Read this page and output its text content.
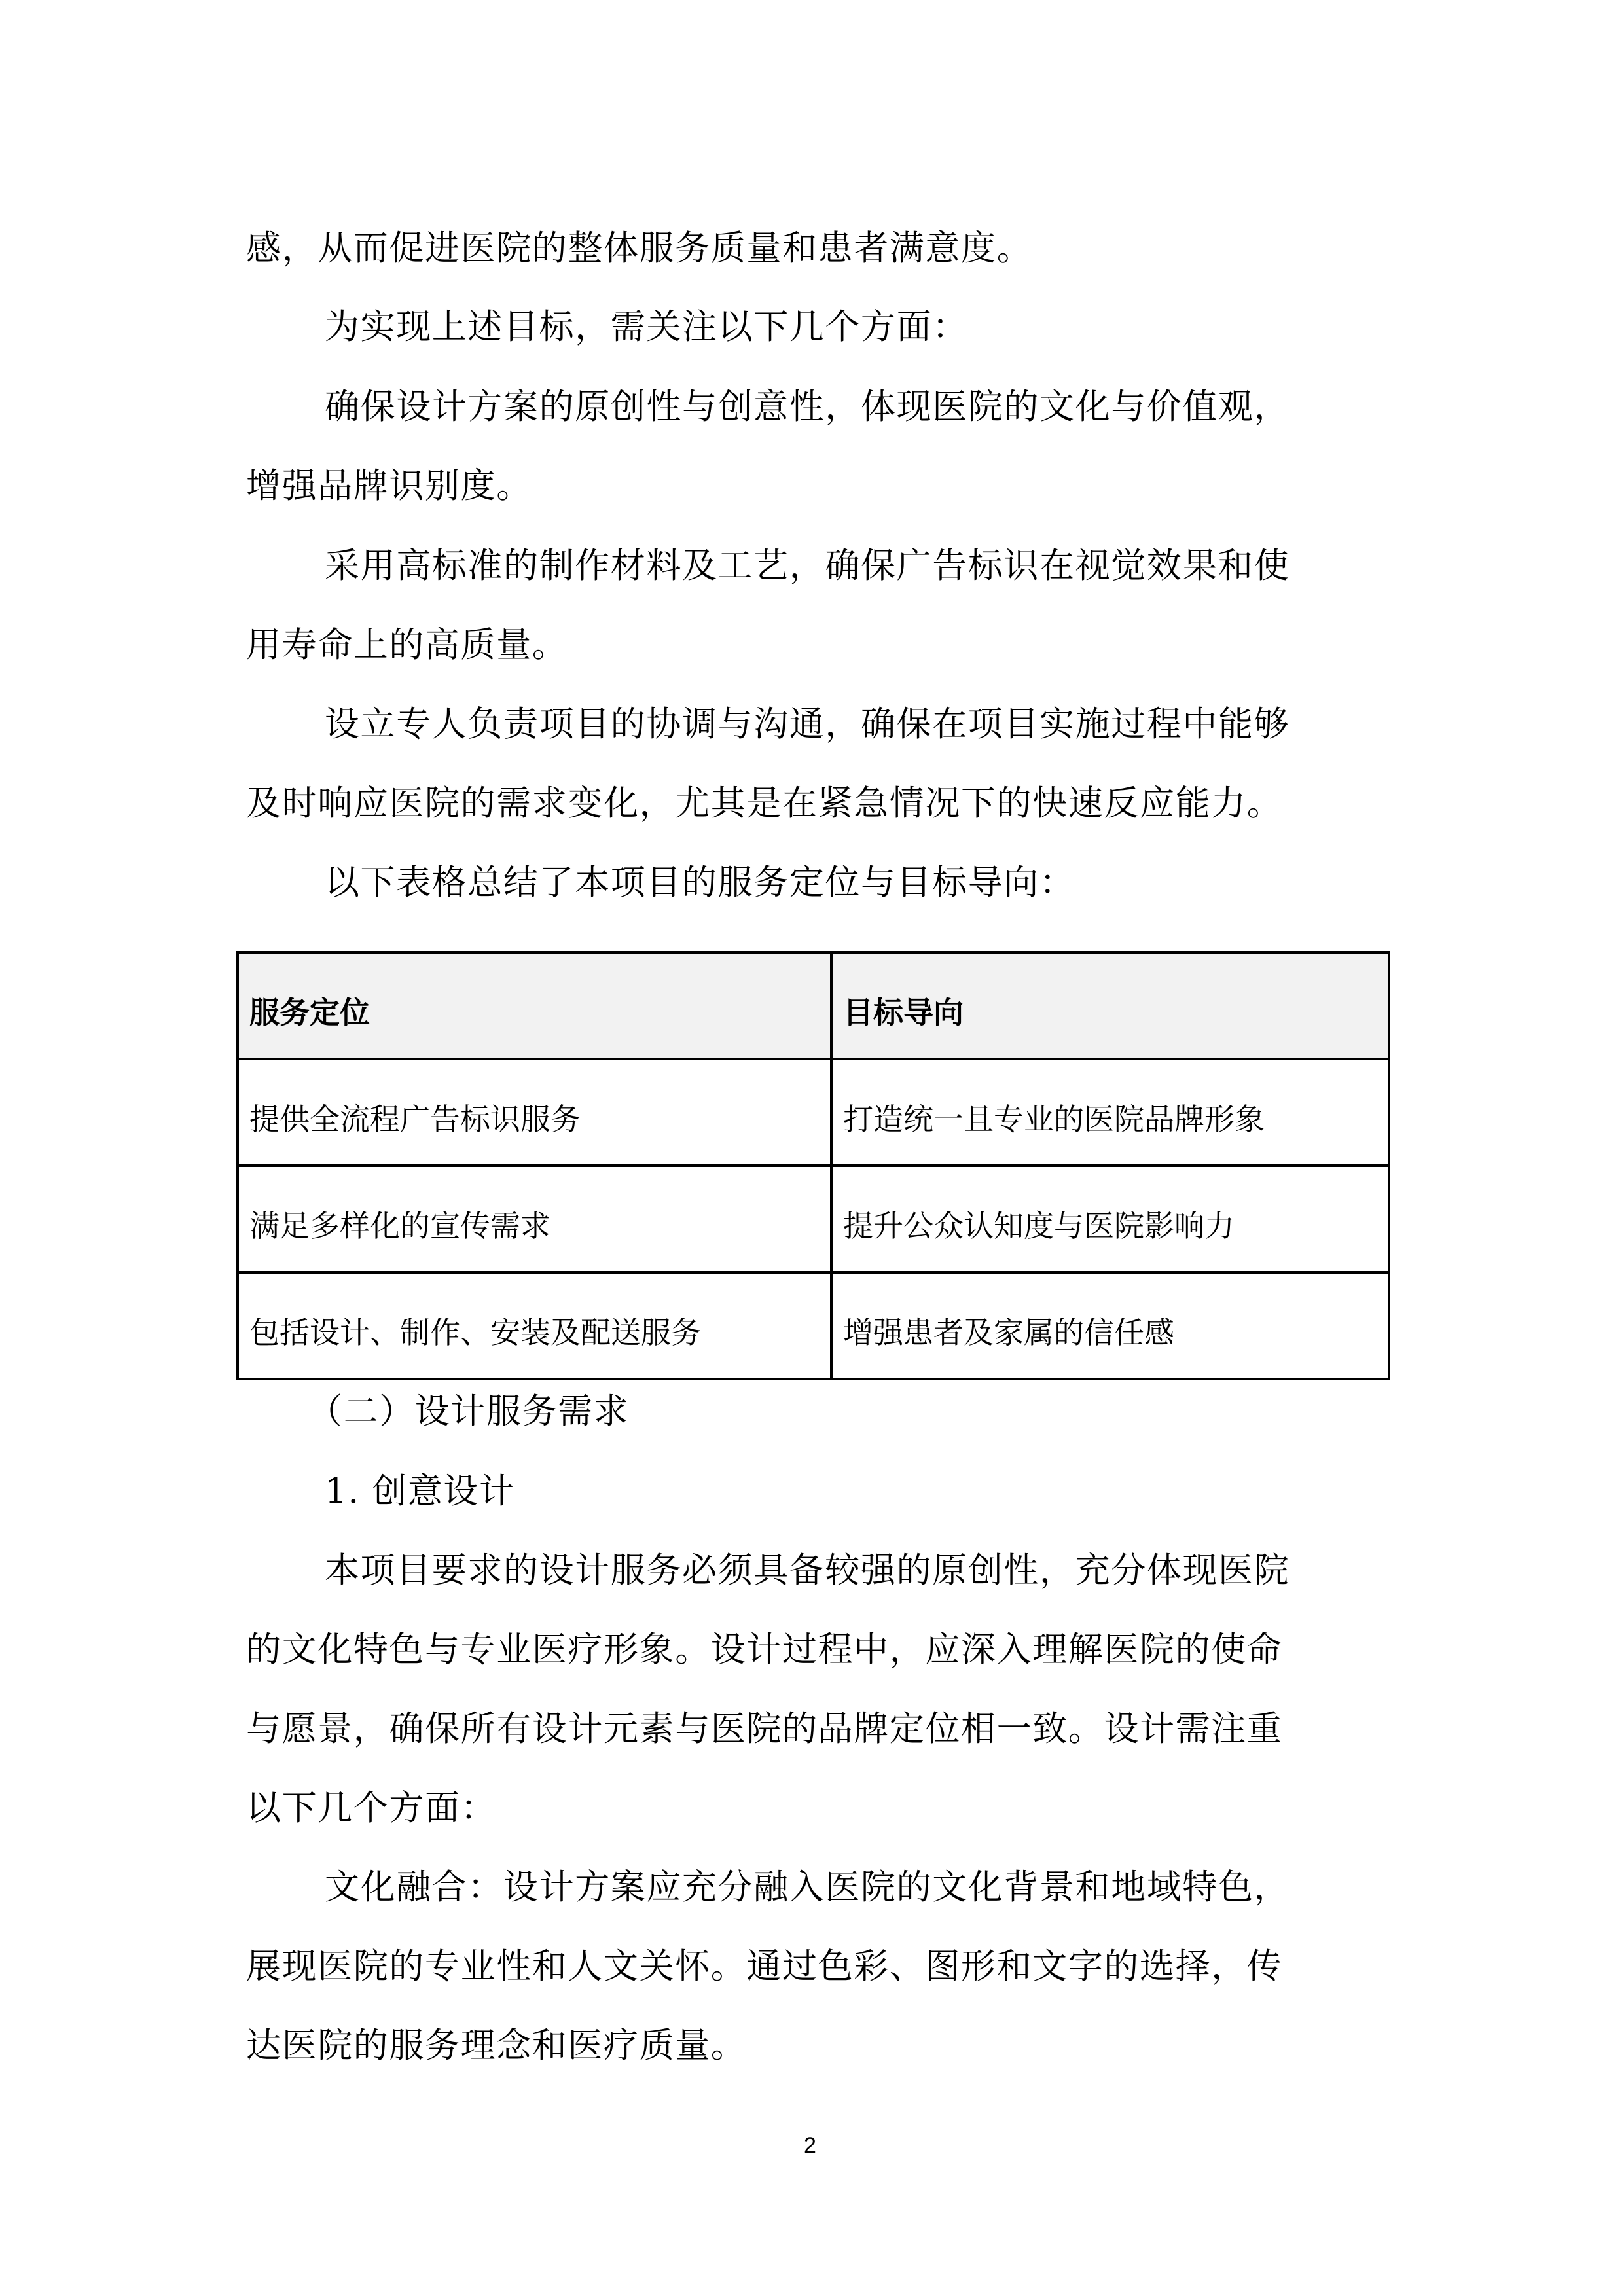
感，从而促进医院的整体服务质量和患者满意度。
为实现上述目标，需关注以下几个方面：
确保设计方案的原创性与创意性，体现医院的文化与价值观，
增强品牌识别度。
采用高标准的制作材料及工艺，确保广告标识在视觉效果和使
用寿命上的高质量。
设立专人负责项目的协调与沟通，确保在项目实施过程中能够
及时响应医院的需求变化，尤其是在紧急情况下的快速反应能力。
以下表格总结了本项目的服务定位与目标导向：
服务定位	目标导向
提供全流程广告标识服务	打造统一且专业的医院品牌形象
满足多样化的宣传需求	提升公众认知度与医院影响力
包括设计、制作、安装及配送服务	增强患者及家属的信任感
（二）设计服务需求
1. 创意设计
本项目要求的设计服务必须具备较强的原创性，充分体现医院
的文化特色与专业医疗形象。设计过程中，应深入理解医院的使命
与愿景，确保所有设计元素与医院的品牌定位相一致。设计需注重
以下几个方面：
文化融合：设计方案应充分融入医院的文化背景和地域特色，
展现医院的专业性和人文关怀。通过色彩、图形和文字的选择，传
达医院的服务理念和医疗质量。
2
